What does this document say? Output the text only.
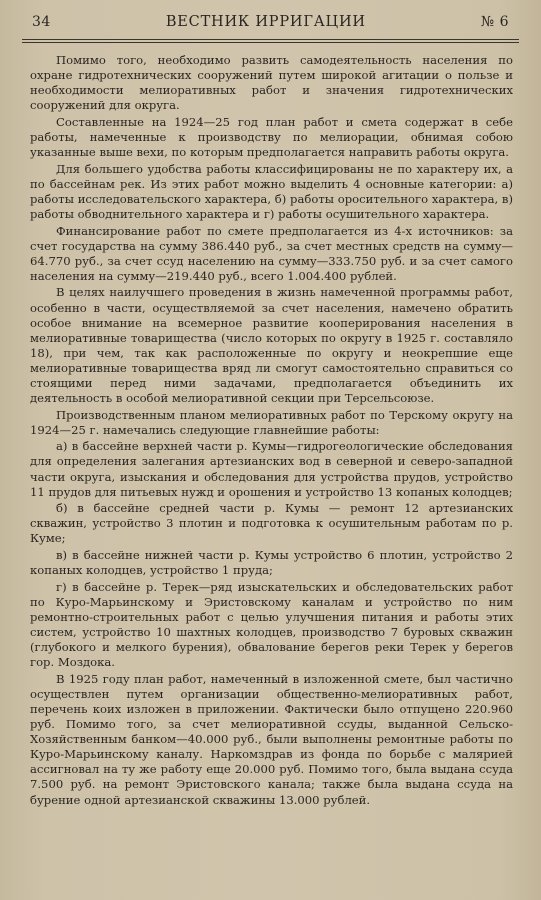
34	ВЕСТНИК ИРРИГАЦИИ	№ 6

Помимо того, необходимо развить самодеятельность населения по охране гидротехнических сооружений путем широкой агитации о пользе и необходимости мелиоративных работ и значения гидротехнических сооружений для округа.

Составленные на 1924—25 год план работ и смета содержат в себе работы, намеченные к производству по мелиорации, обнимая собою указанные выше вехи, по которым предполагается направить работы округа.

Для большего удобства работы классифицированы не по характеру их, а по бассейнам рек. Из этих работ можно выделить 4 основные категории: а) работы исследовательского характера, б) работы оросительного характера, в) работы обводнительного характера и г) работы осушительного характера.

Финансирование работ по смете предполагается из 4-х источников: за счет государства на сумму 386.440 руб., за счет местных средств на сумму—64.770 руб., за счет ссуд населению на сумму—333.750 руб. и за счет самого населения на сумму—219.440 руб., всего 1.004.400 рублей.

В целях наилучшего проведения в жизнь намеченной программы работ, особенно в части, осуществляемой за счет населения, намечено обратить особое внимание на всемерное развитие кооперирования населения в мелиоративные товарищества (число которых по округу в 1925 г. составляло 18), при чем, так как расположенные по округу и неокрепшие еще мелиоративные товарищества вряд ли смогут самостоятельно справиться со стоящими перед ними задачами, предполагается объединить их деятельность в особой мелиоративной секции при Терсельсоюзе.

Производственным планом мелиоративных работ по Терскому округу на 1924—25 г. намечались следующие главнейшие работы:

а) в бассейне верхней части р. Кумы—гидрогеологические обследования для определения залегания артезианских вод в северной и северо-западной части округа, изыскания и обследования для устройства прудов, устройство 11 прудов для питьевых нужд и орошения и устройство 13 копаных колодцев;

б) в бассейне средней части р. Кумы — ремонт 12 артезианских скважин, устройство 3 плотин и подготовка к осушительным работам по р. Куме;

в) в бассейне нижней части р. Кумы устройство 6 плотин, устройство 2 копаных колодцев, устройство 1 пруда;

г) в бассейне р. Терек—ряд изыскательских и обследовательских работ по Куро-Марьинскому и Эристовскому каналам и устройство по ним ремонтно-строительных работ с целью улучшения питания и работы этих систем, устройство 10 шахтных колодцев, производство 7 буровых скважин (глубокого и мелкого бурения), обвалование берегов реки Терек у берегов гор. Моздока.

В 1925 году план работ, намеченный в изложенной смете, был частично осуществлен путем организации общественно-мелиоративных работ, перечень коих изложен в приложении. Фактически было отпущено 220.960 руб. Помимо того, за счет мелиоративной ссуды, выданной Сельско-Хозяйственным банком—40.000 руб., были выполнены ремонтные работы по Куро-Марьинскому каналу. Наркомздрав из фонда по борьбе с малярией ассигновал на ту же работу еще 20.000 руб. Помимо того, была выдана ссуда 7.500 руб. на ремонт Эристовского канала; также была выдана ссуда на бурение одной артезианской скважины 13.000 рублей.
